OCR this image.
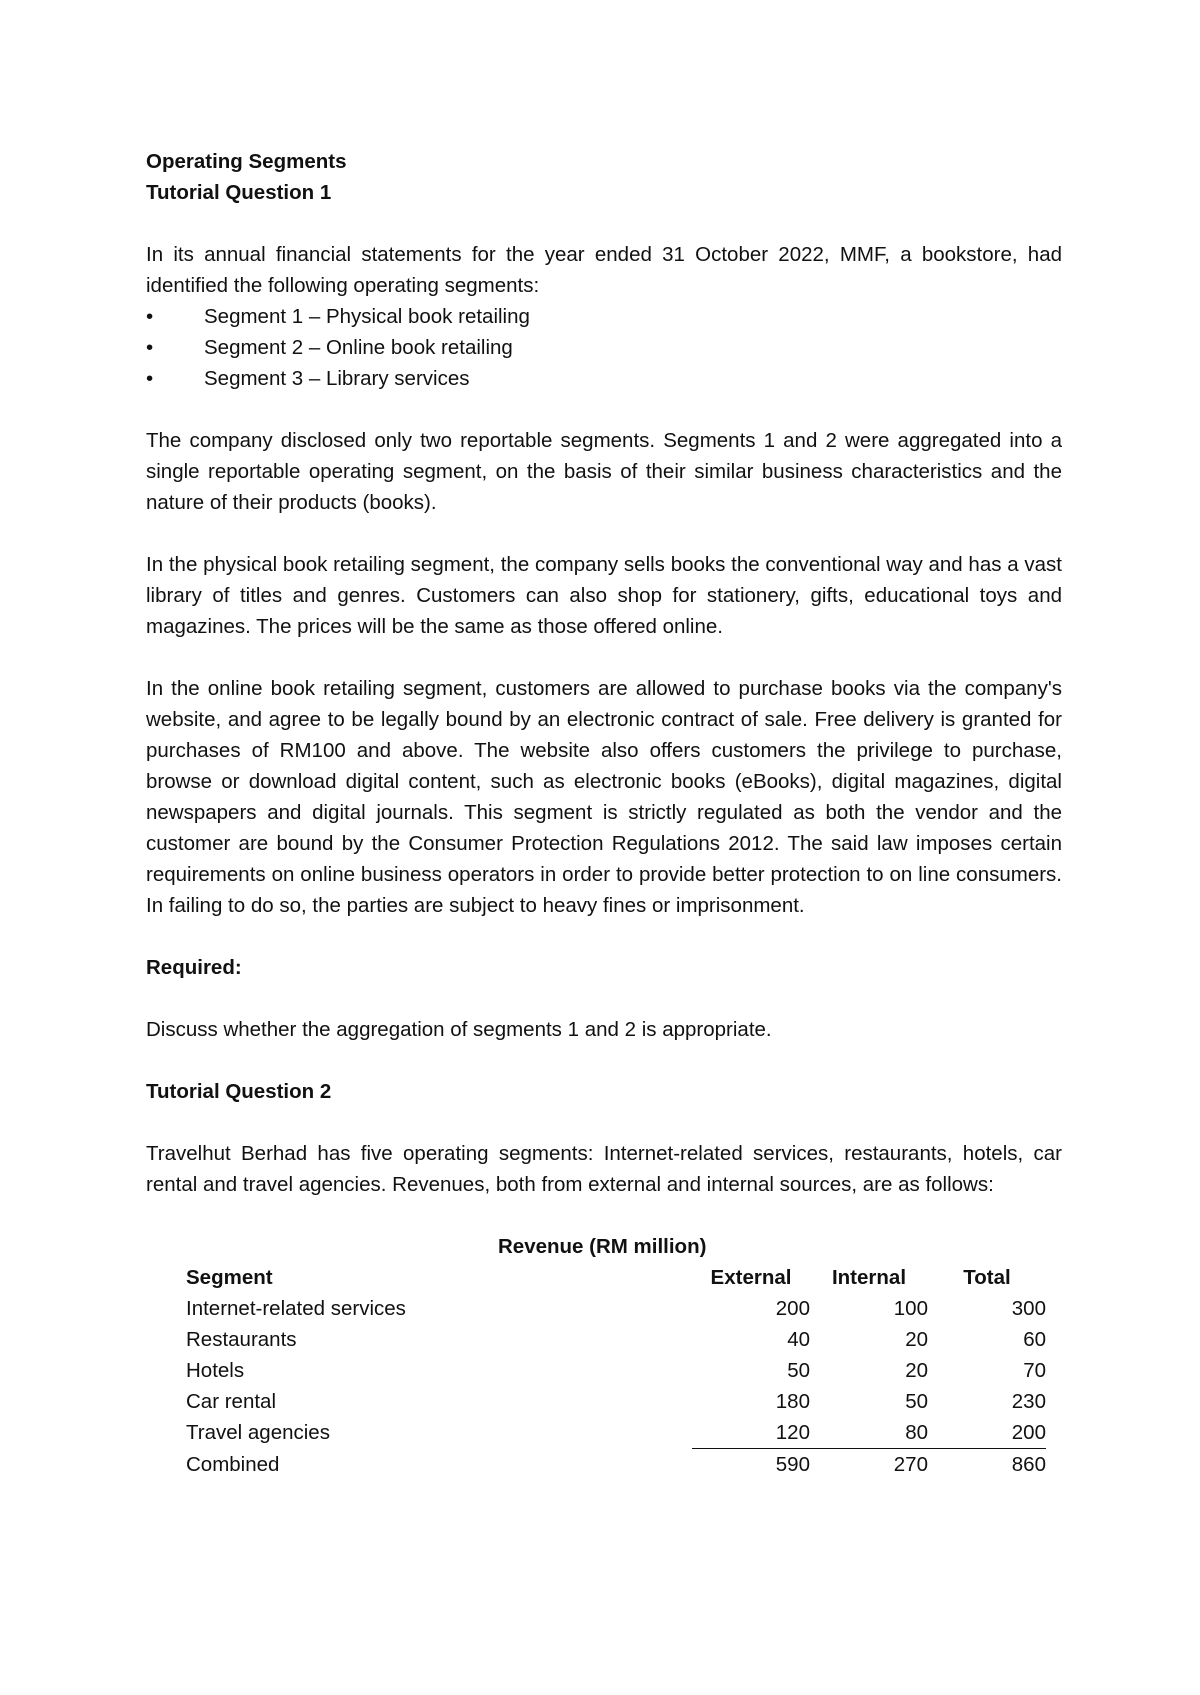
Operating Segments

Tutorial Question 1

In its annual financial statements for the year ended 31 October 2022, MMF, a bookstore, had identified the following operating segments:

• Segment 1 – Physical book retailing
• Segment 2 – Online book retailing
• Segment 3 – Library services

The company disclosed only two reportable segments. Segments 1 and 2 were aggregated into a single reportable operating segment, on the basis of their similar business characteristics and the nature of their products (books).

In the physical book retailing segment, the company sells books the conventional way and has a vast library of titles and genres. Customers can also shop for stationery, gifts, educational toys and magazines. The prices will be the same as those offered online.

In the online book retailing segment, customers are allowed to purchase books via the company's website, and agree to be legally bound by an electronic contract of sale. Free delivery is granted for purchases of RM100 and above. The website also offers customers the privilege to purchase, browse or download digital content, such as electronic books (eBooks), digital magazines, digital newspapers and digital journals. This segment is strictly regulated as both the vendor and the customer are bound by the Consumer Protection Regulations 2012. The said law imposes certain requirements on online business operators in order to provide better protection to on line consumers. In failing to do so, the parties are subject to heavy fines or imprisonment.

Required:

Discuss whether the aggregation of segments 1 and 2 is appropriate.

Tutorial Question 2

Travelhut Berhad has five operating segments: Internet-related services, restaurants, hotels, car rental and travel agencies. Revenues, both from external and internal sources, are as follows:

	Revenue (RM million)		
Segment	External	Internal	Total
Internet-related services	200	100	300
Restaurants	40	20	60
Hotels	50	20	70
Car rental	180	50	230
Travel agencies	120	80	200
Combined	590	270	860
